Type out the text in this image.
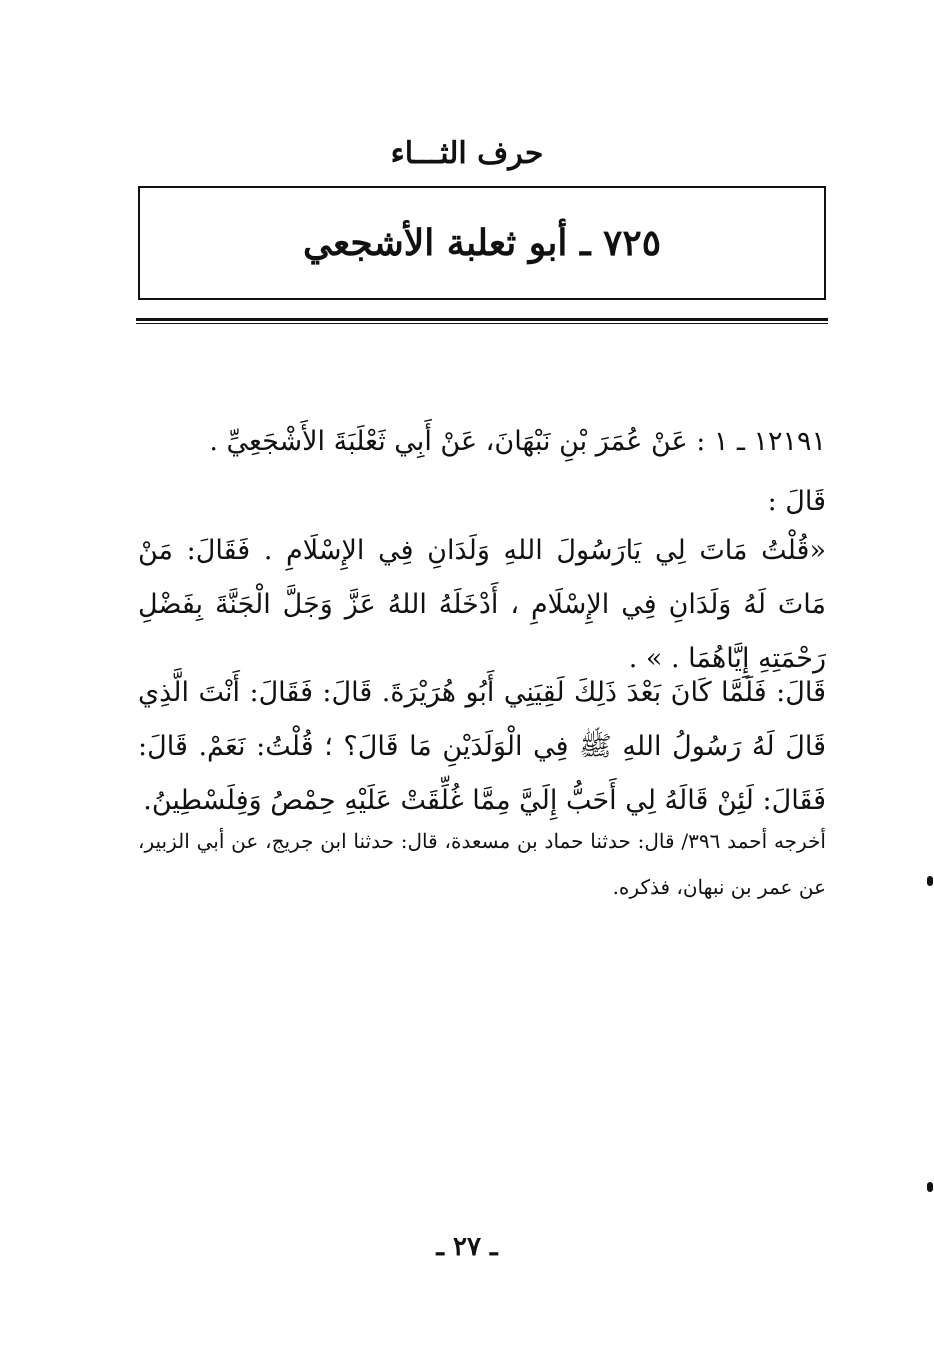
حرف الثـــاء
٧٢٥ ـ أبو ثعلبة الأشجعي

١٢١٩١ ـ ١ : عَنْ عُمَرَ بْنِ نَبْهَانَ، عَنْ أَبِي ثَعْلَبَةَ الأَشْجَعِيِّ .

قَالَ :

«قُلْتُ مَاتَ لِي يَارَسُولَ اللهِ وَلَدَانِ فِي الإِسْلَامِ . فَقَالَ: مَنْ مَاتَ لَهُ وَلَدَانِ فِي الإِسْلَامِ ، أَدْخَلَهُ اللهُ عَزَّ وَجَلَّ الْجَنَّةَ بِفَضْلِ رَحْمَتِهِ إِيَّاهُمَا . » .

قَالَ: فَلَمَّا كَانَ بَعْدَ ذَلِكَ لَقِيَنِي أَبُو هُرَيْرَةَ. قَالَ: فَقَالَ: أَنْتَ الَّذِي قَالَ لَهُ رَسُولُ اللهِ ﷺ فِي الْوَلَدَيْنِ مَا قَالَ؟ ؛ قُلْتُ: نَعَمْ. قَالَ: فَقَالَ: لَئِنْ قَالَهُ لِي أَحَبُّ إِلَيَّ مِمَّا غُلِّقَتْ عَلَيْهِ حِمْصُ وَفِلَسْطِينُ.

أخرجه أحمد ٣٩٦/ قال: حدثنا حماد بن مسعدة، قال: حدثنا ابن جريج، عن أبي الزبير، عن عمر بن نبهان، فذكره.

ـ ٢٧ ـ
